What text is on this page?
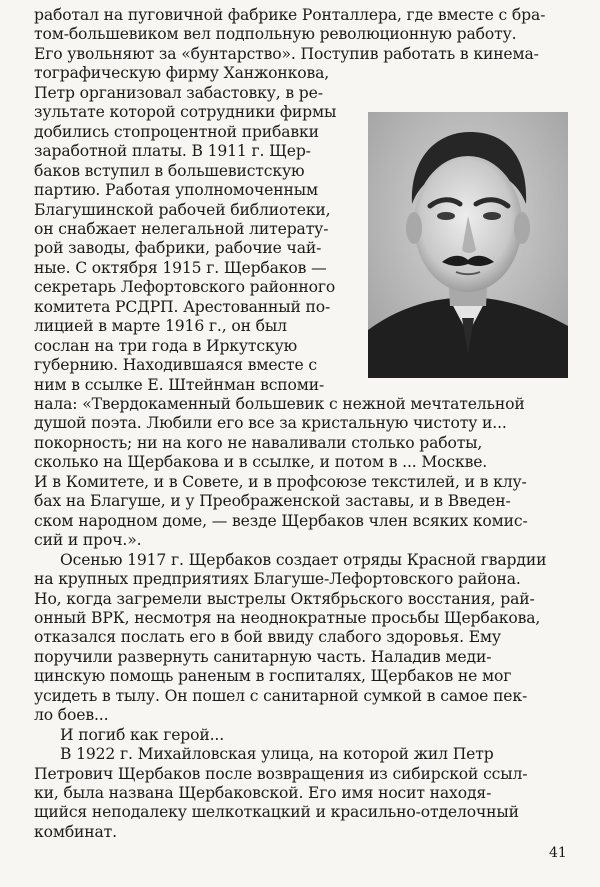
работал на пуговичной фабрике Ронталлера, где вместе с бра-
том-большевиком вел подпольную революционную работу.
Его увольняют за «бунтарство». Поступив работать в кинема-
тографическую фирму Ханжонкова,
Петр организовал забастовку, в ре-
зультате которой сотрудники фирмы
добились стопроцентной прибавки
заработной платы. В 1911 г. Щер-
баков вступил в большевистскую
партию. Работая уполномоченным
Благушинской рабочей библиотеки,
он снабжает нелегальной литерату-
рой заводы, фабрики, рабочие чай-
ные. С октября 1915 г. Щербаков —
секретарь Лефортовского районного
комитета РСДРП. Арестованный по-
лицией в марте 1916 г., он был
сослан на три года в Иркутскую
губернию. Находившаяся вместе с
ним в ссылке Е. Штейнман вспоми-
нала: «Твердокаменный большевик с нежной мечтательной
душой поэта. Любили его все за кристальную чистоту и...
покорность; ни на кого не наваливали столько работы,
сколько на Щербакова и в ссылке, и потом в ... Москве.
И в Комитете, и в Совете, и в профсоюзе текстилей, и в клу-
бах на Благуше, и у Преображенской заставы, и в Введен-
ском народном доме, — везде Щербаков член всяких комис-
сий и проч.».
Осенью 1917 г. Щербаков создает отряды Красной гвардии
на крупных предприятиях Благуше-Лефортовского района.
Но, когда загремели выстрелы Октябрьского восстания, рай-
онный ВРК, несмотря на неоднократные просьбы Щербакова,
отказался послать его в бой ввиду слабого здоровья. Ему
поручили развернуть санитарную часть. Наладив меди-
цинскую помощь раненым в госпиталях, Щербаков не мог
усидеть в тылу. Он пошел с санитарной сумкой в самое пек-
ло боев...
И погиб как герой...
В 1922 г. Михайловская улица, на которой жил Петр
Петрович Щербаков после возвращения из сибирской ссыл-
ки, была названа Щербаковской. Его имя носит находя-
щийся неподалеку шелкоткацкий и красильно-отделочный
комбинат.
41
